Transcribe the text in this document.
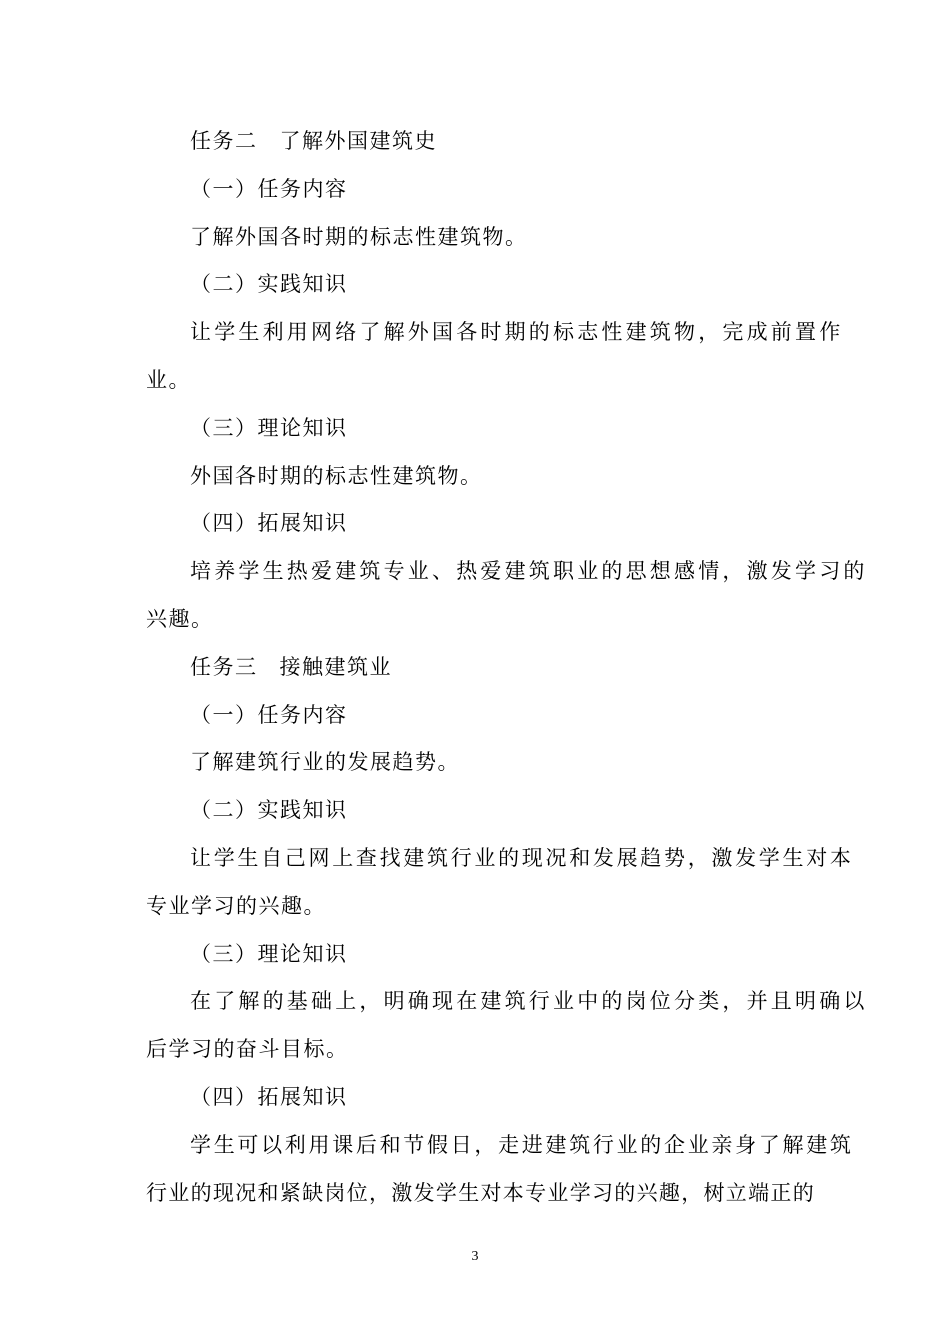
任务二 了解外国建筑史
（一）任务内容
了解外国各时期的标志性建筑物。
（二）实践知识
让学生利用网络了解外国各时期的标志性建筑物，完成前置作
业。
（三）理论知识
外国各时期的标志性建筑物。
（四）拓展知识
培养学生热爱建筑专业、热爱建筑职业的思想感情，激发学习的
兴趣。
任务三 接触建筑业
（一）任务内容
了解建筑行业的发展趋势。
（二）实践知识
让学生自己网上查找建筑行业的现况和发展趋势，激发学生对本
专业学习的兴趣。
（三）理论知识
在了解的基础上，明确现在建筑行业中的岗位分类，并且明确以
后学习的奋斗目标。
（四）拓展知识
学生可以利用课后和节假日，走进建筑行业的企业亲身了解建筑
行业的现况和紧缺岗位，激发学生对本专业学习的兴趣，树立端正的
3
